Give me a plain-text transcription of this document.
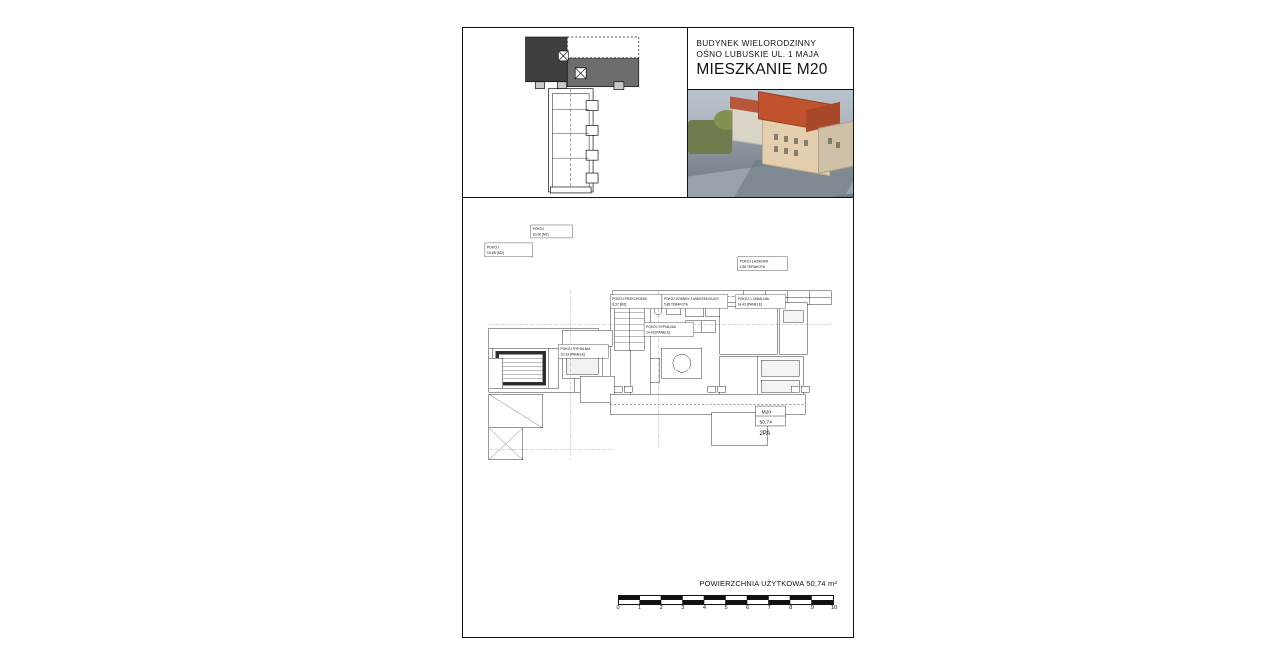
BUDYNEK WIELORODZINNY
OŚNO LUBUSKIE UL. 1 MAJA
MIESZKANIE M20
POKÓJ
15,85 [M2]
POKÓJ PRZECHODNI
8,37 [M2]
POKÓJ DZIENNY Z ANEKSEM KUCH.
5,88 TERAKOTA
POKÓJ ŁAZIENKA
4,58 TERAKOTA
POKÓJ 1 JADALNIA
14,43 [PANELE]
POKÓJ SYPIALNIA
14,43 [PANELE]
POKÓJ SYPIALNIA
10,33 [PANELE]
POKÓJ
10,06 [M2]
M20
50,74
2PA
POWIERZCHNIA UŻYTKOWA 50,74 m²
0	1	2	3	4	5	6	7	8	9	10
